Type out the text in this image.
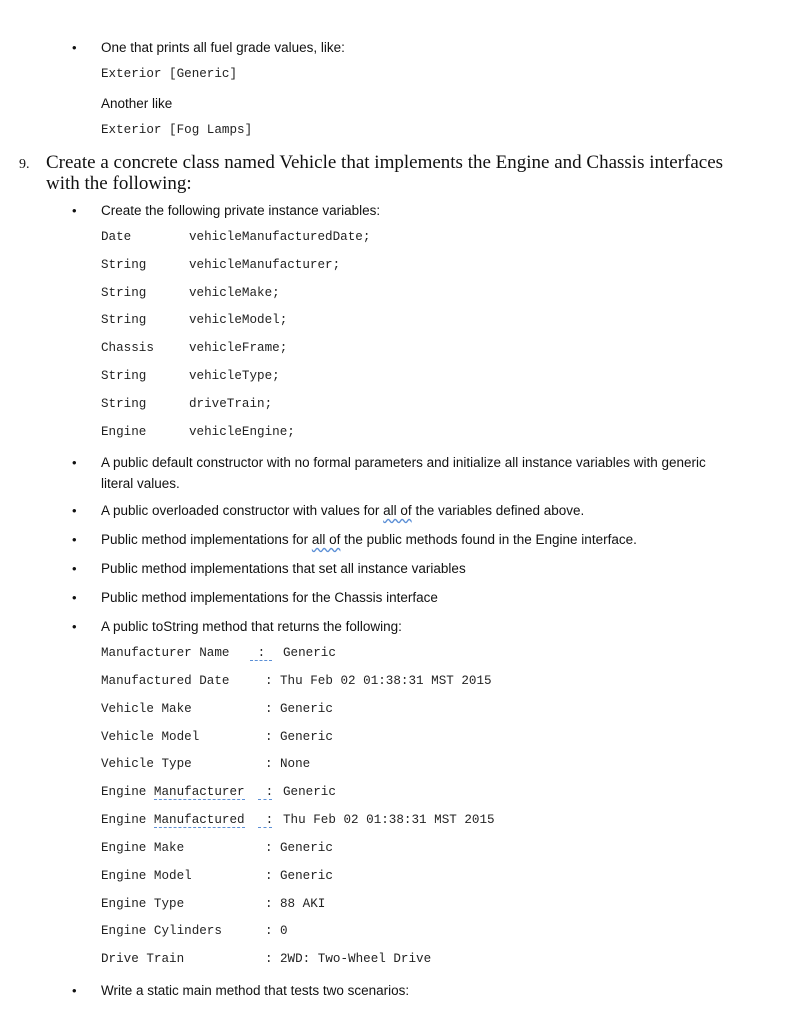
• One that prints all fuel grade values, like:
Exterior [Generic]
Another like
Exterior [Fog Lamps]
9. Create a concrete class named Vehicle that implements the Engine and Chassis interfaces
with the following:
• Create the following private instance variables:
Date	vehicleManufacturedDate;
String	vehicleManufacturer;
String	vehicleMake;
String	vehicleModel;
Chassis	vehicleFrame;
String	vehicleType;
String	driveTrain;
Engine	vehicleEngine;
• A public default constructor with no formal parameters and initialize all instance variables with generic
literal values.
• A public overloaded constructor with values for all of the variables defined above.
• Public method implementations for all of the public methods found in the Engine interface.
• Public method implementations that set all instance variables
• Public method implementations for the Chassis interface
• A public toString method that returns the following:
Manufacturer Name	:	Generic
Manufactured Date	: Thu Feb 02 01:38:31 MST 2015
Vehicle Make	: Generic
Vehicle Model	: Generic
Vehicle Type	: None
Engine Manufacturer	: Generic
Engine Manufactured	: Thu Feb 02 01:38:31 MST 2015
Engine Make	: Generic
Engine Model	: Generic
Engine Type	: 88 AKI
Engine Cylinders	: 0
Drive Train	: 2WD: Two-Wheel Drive
• Write a static main method that tests two scenarios:
